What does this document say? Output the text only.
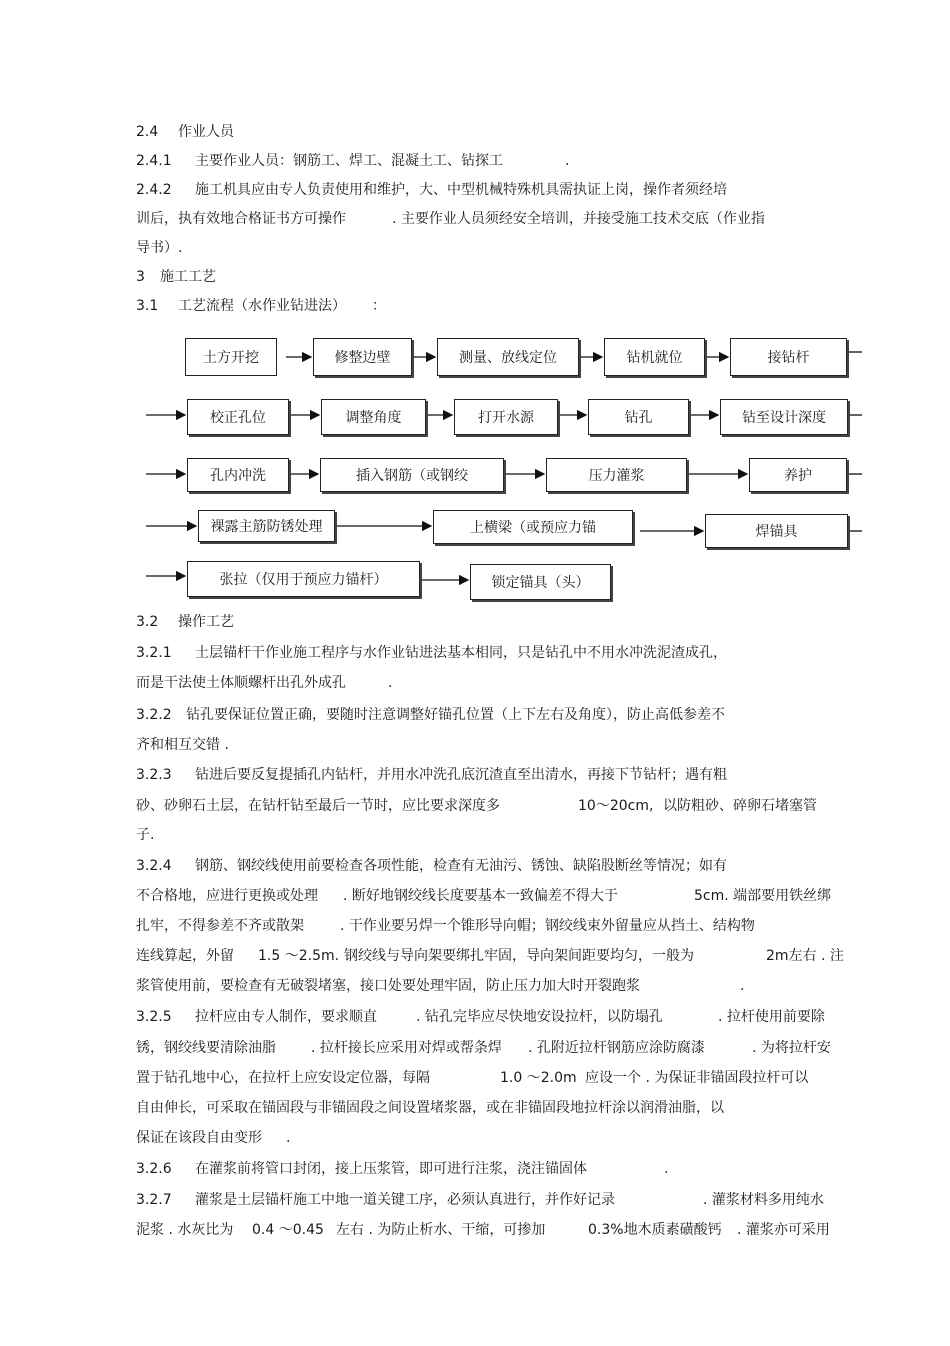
2.4 作业人员
2.4.1 主要作业人员：钢筋工、焊工、混凝土工、钻探工	.
2.4.2 施工机具应由专人负责使用和维护，大、中型机械特殊机具需执证上岗，操作者须经培
训后，执有效地合格证书方可操作	. 主要作业人员须经安全培训，并接受施工技术交底（作业指
导书）.
3 施工工艺
3.1 工艺流程（水作业钻进法） ：
土方开挖	修整边壁	测量、放线定位	钻机就位	接钻杆
校正孔位	调整角度	打开水源	钻孔	钻至设计深度
孔内冲洗	插入钢筋（或钢绞	压力灌浆	养护
裸露主筋防锈处理	上横梁（或预应力锚	焊锚具
张拉（仅用于预应力锚杆）	锁定锚具（头）
3.2 操作工艺
3.2.1 土层锚杆干作业施工程序与水作业钻进法基本相同，只是钻孔中不用水冲洗泥渣成孔，
而是干法使土体顺螺杆出孔外成孔	.
3.2.2 钻孔要保证位置正确，要随时注意调整好锚孔位置（上下左右及角度），防止高低参差不
齐和相互交错 .
3.2.3 钻进后要反复提插孔内钻杆，并用水冲洗孔底沉渣直至出清水，再接下节钻杆；遇有粗
砂、砂卵石土层，在钻杆钻至最后一节时，应比要求深度多	10～20cm, 以防粗砂、碎卵石堵塞管
子.
3.2.4 钢筋、钢绞线使用前要检查各项性能，检查有无油污、锈蚀、缺陷股断丝等情况；如有
不合格地，应进行更换或处理 . 断好地钢绞线长度要基本一致偏差不得大于	5cm. 端部要用铁丝绑
扎牢，不得参差不齐或散架	. 干作业要另焊一个锥形导向帽；钢绞线束外留量应从挡土、结构物
连线算起，外留 1.5 ～2.5m. 钢绞线与导向架要绑扎牢固，导向架间距要均匀，一般为	2m左右 . 注
浆管使用前，要检查有无破裂堵塞，接口处要处理牢固，防止压力加大时开裂跑浆	.
3.2.5 拉杆应由专人制作，要求顺直	. 钻孔完毕应尽快地安设拉杆，以防塌孔	. 拉杆使用前要除
锈，钢绞线要清除油脂	. 拉杆接长应采用对焊或帮条焊 . 孔附近拉杆钢筋应涂防腐漆	. 为将拉杆安
置于钻孔地中心，在拉杆上应安设定位器，每隔	1.0 ～2.0m 应设一个 . 为保证非锚固段拉杆可以
自由伸长，可采取在锚固段与非锚固段之间设置堵浆器，或在非锚固段地拉杆涂以润滑油脂，以
保证在该段自由变形 .
3.2.6 在灌浆前将管口封闭，接上压浆管，即可进行注浆，浇注锚固体	.
3.2.7 灌浆是土层锚杆施工中地一道关键工序，必须认真进行，并作好记录	. 灌浆材料多用纯水
泥浆 . 水灰比为 0.4 ～0.45 左右 . 为防止析水、干缩，可掺加	0.3%地木质素磺酸钙 . 灌浆亦可采用
